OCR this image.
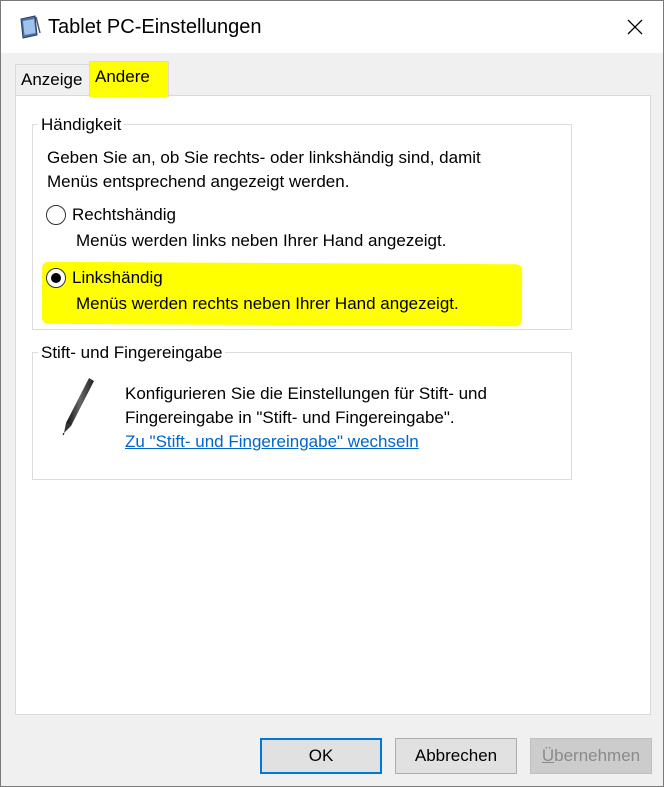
Tablet PC-Einstellungen
Anzeige Andere
Händigkeit
Geben Sie an, ob Sie rechts- oder linkshändig sind, damit
Menüs entsprechend angezeigt werden.
Rechtshändig
Menüs werden links neben Ihrer Hand angezeigt.
Linkshändig
Menüs werden rechts neben Ihrer Hand angezeigt.
Stift- und Fingereingabe
Konfigurieren Sie die Einstellungen für Stift- und
Fingereingabe in "Stift- und Fingereingabe".
Zu "Stift- und Fingereingabe" wechseln
OK	Abbrechen	Ü bernehmen
